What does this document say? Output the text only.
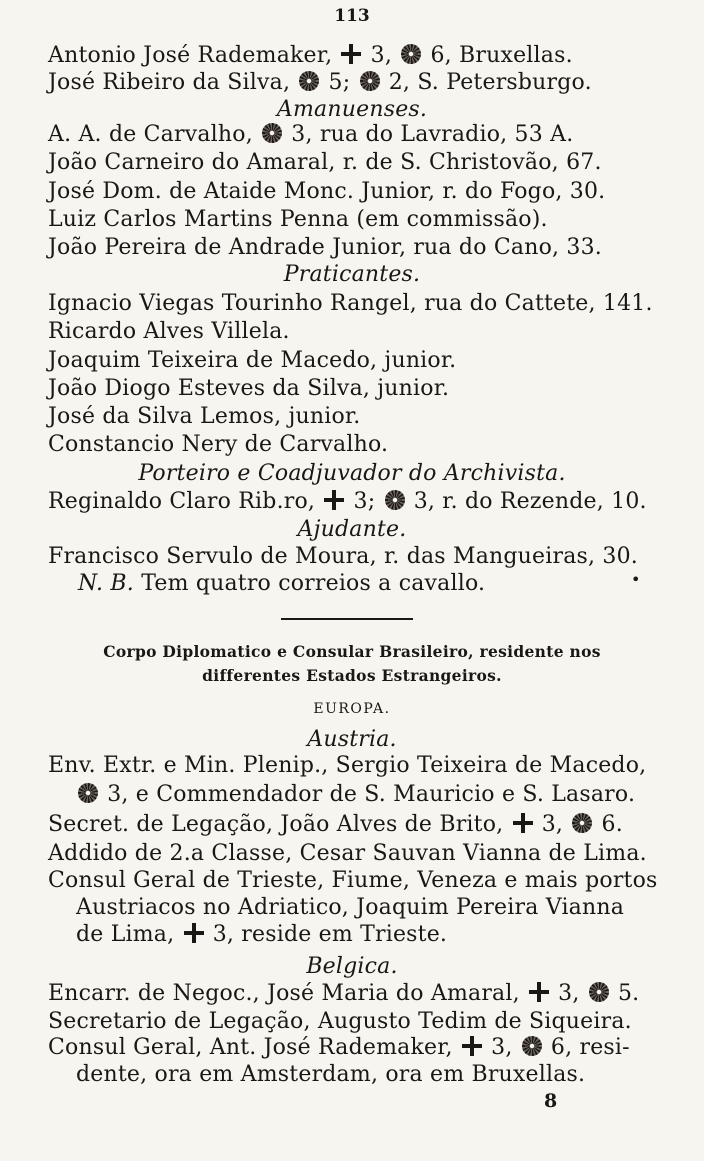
113
Antonio José Rademaker,  3,  6, Bruxellas.
José Ribeiro da Silva,  5;  2, S. Petersburgo.
Amanuenses.
A. A. de Carvalho,  3, rua do Lavradio, 53 A.
João Carneiro do Amaral, r. de S. Christovão, 67.
José Dom. de Ataide Monc. Junior, r. do Fogo, 30.
Luiz Carlos Martins Penna (em commissão).
João Pereira de Andrade Junior, rua do Cano, 33.
Praticantes.
Ignacio Viegas Tourinho Rangel, rua do Cattete, 141.
Ricardo Alves Villela.
Joaquim Teixeira de Macedo, junior.
João Diogo Esteves da Silva, junior.
José da Silva Lemos, junior.
Constancio Nery de Carvalho.
Porteiro e Coadjuvador do Archivista.
Reginaldo Claro Rib.ro,  3;  3, r. do Rezende, 10.
Ajudante.
Francisco Servulo de Moura, r. das Mangueiras, 30.
N. B. Tem quatro correios a cavallo.
Corpo Diplomatico e Consular Brasileiro, residente nos
differentes Estados Estrangeiros.
EUROPA.
Austria.
Env. Extr. e Min. Plenip., Sergio Teixeira de Macedo,
3, e Commendador de S. Mauricio e S. Lasaro.
Secret. de Legação, João Alves de Brito,  3,  6.
Addido de 2.a Classe, Cesar Sauvan Vianna de Lima.
Consul Geral de Trieste, Fiume, Veneza e mais portos
Austriacos no Adriatico, Joaquim Pereira Vianna
de Lima,  3, reside em Trieste.
Belgica.
Encarr. de Negoc., José Maria do Amaral,  3,  5.
Secretario de Legação, Augusto Tedim de Siqueira.
Consul Geral, Ant. José Rademaker,  3,  6, resi-
dente, ora em Amsterdam, ora em Bruxellas.
•
8
